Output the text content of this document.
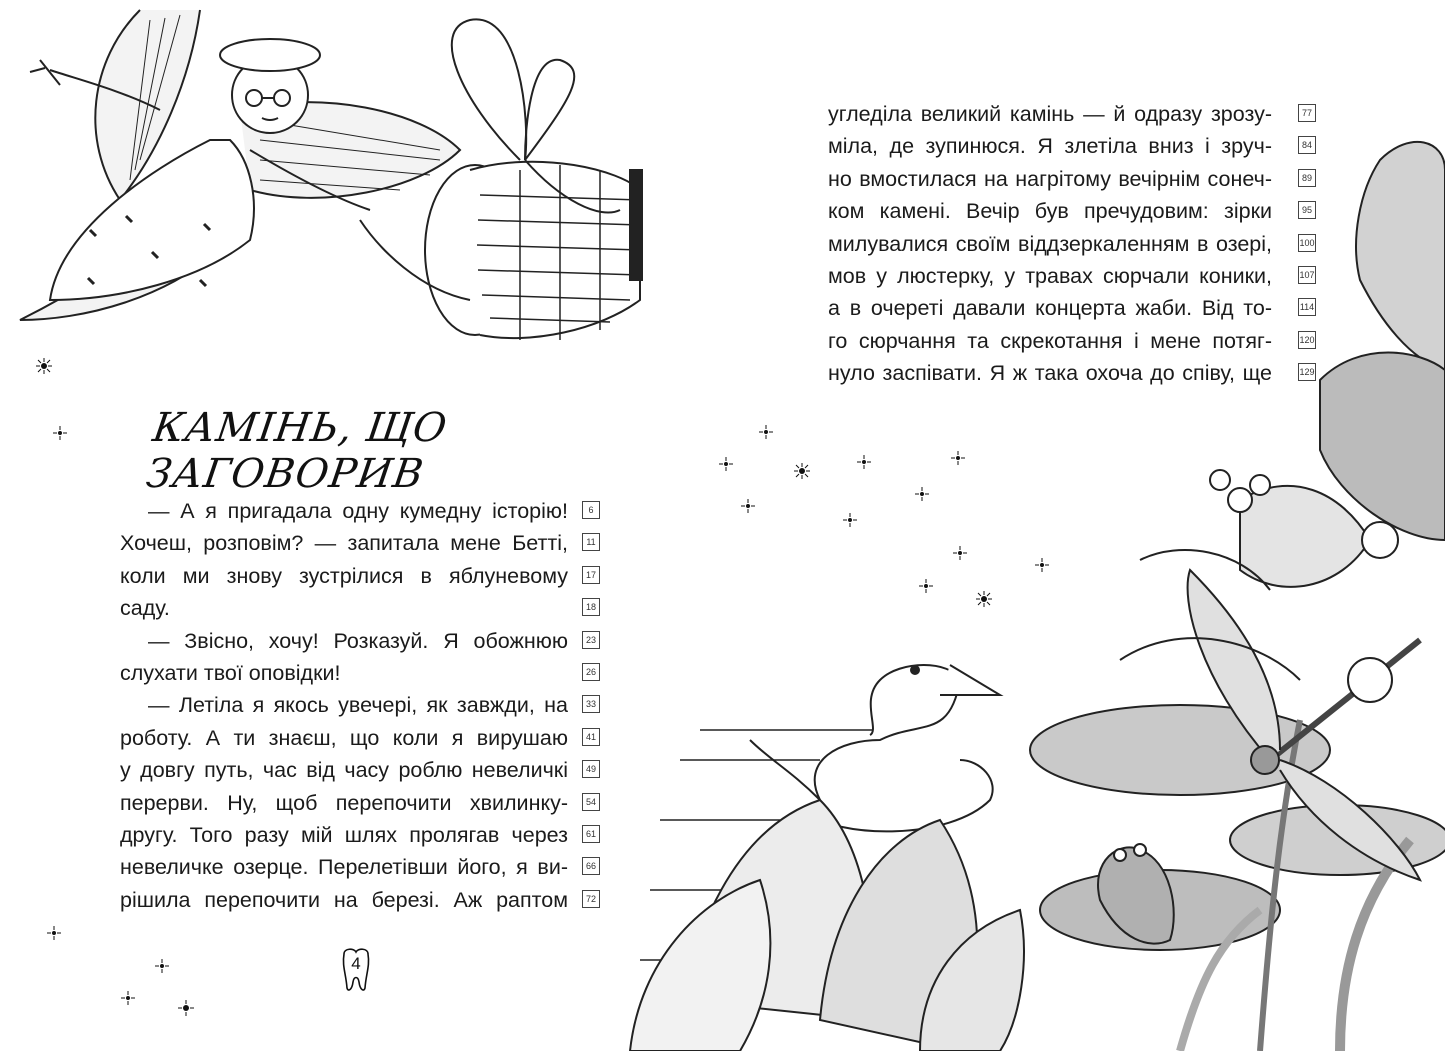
КАМІНЬ, ЩО ЗАГОВОРИВ
— А я пригадала одну кумедну історію!	6
Хочеш, розповім? — запитала мене Бетті,	11
коли ми знову зустрілися в яблуневому	17
саду.	18
— Звісно, хочу! Розказуй. Я обожнюю	23
слухати твої оповідки!	26
— Летіла я якось увечері, як завжди, на	33
роботу. А ти знаєш, що коли я вирушаю	41
у довгу путь, час від часу роблю невеличкі	49
перерви. Ну, щоб перепочити хвилинку-	54
другу. Того разу мій шлях пролягав через	61
невеличке озерце. Перелетівши його, я ви-	66
рішила перепочити на березі. Аж раптом	72
угледіла великий камінь — й одразу зрозу-	77
міла, де зупинюся. Я злетіла вниз і зруч-	84
но вмостилася на нагрітому вечірнім сонеч-	89
ком камені. Вечір був пречудовим: зірки	95
милувалися своїм віддзеркаленням в озері,	100
мов у люстерку, у травах сюрчали коники,	107
а в очереті давали концерта жаби. Від то-	114
го сюрчання та скрекотання і мене потяг-	120
нуло заспівати. Я ж така охоча до співу, ще	129
4
